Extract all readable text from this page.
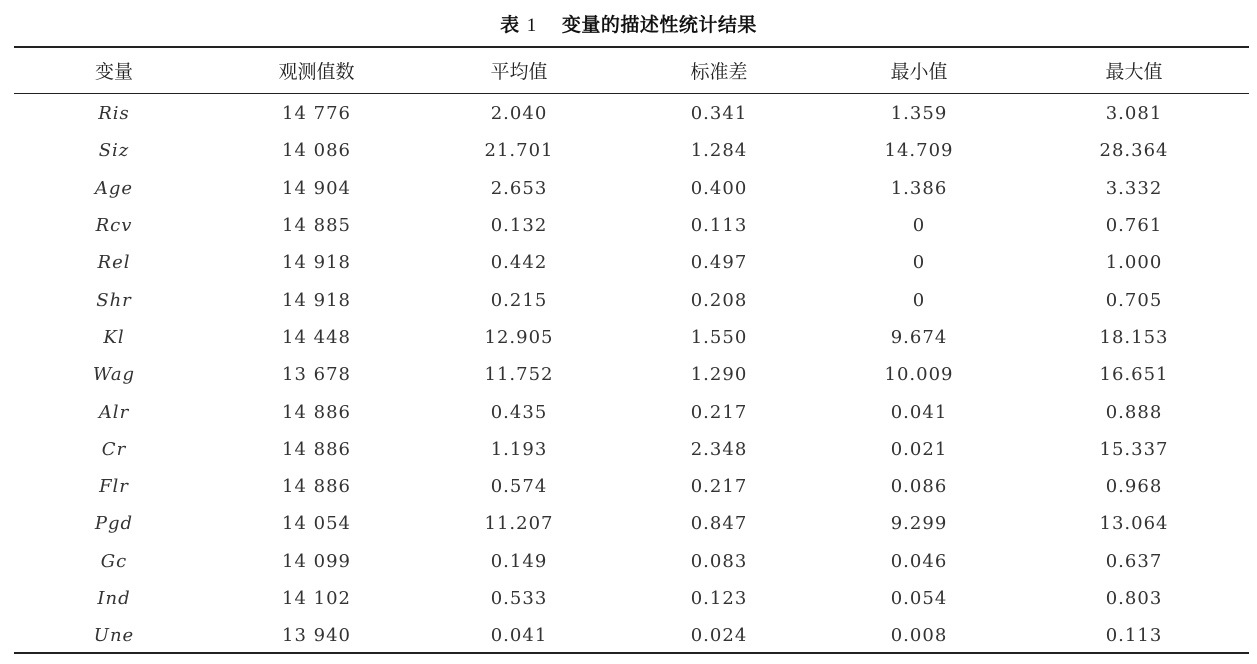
表 1 变量的描述性统计结果
变量	观测值数	平均值	标准差	最小值	最大值
Ris	14 776	2.040	0.341	1.359	3.081
Siz	14 086	21.701	1.284	14.709	28.364
Age	14 904	2.653	0.400	1.386	3.332
Rcv	14 885	0.132	0.113	0	0.761
Rel	14 918	0.442	0.497	0	1.000
Shr	14 918	0.215	0.208	0	0.705
Kl	14 448	12.905	1.550	9.674	18.153
Wag	13 678	11.752	1.290	10.009	16.651
Alr	14 886	0.435	0.217	0.041	0.888
Cr	14 886	1.193	2.348	0.021	15.337
Flr	14 886	0.574	0.217	0.086	0.968
Pgd	14 054	11.207	0.847	9.299	13.064
Gc	14 099	0.149	0.083	0.046	0.637
Ind	14 102	0.533	0.123	0.054	0.803
Une	13 940	0.041	0.024	0.008	0.113
